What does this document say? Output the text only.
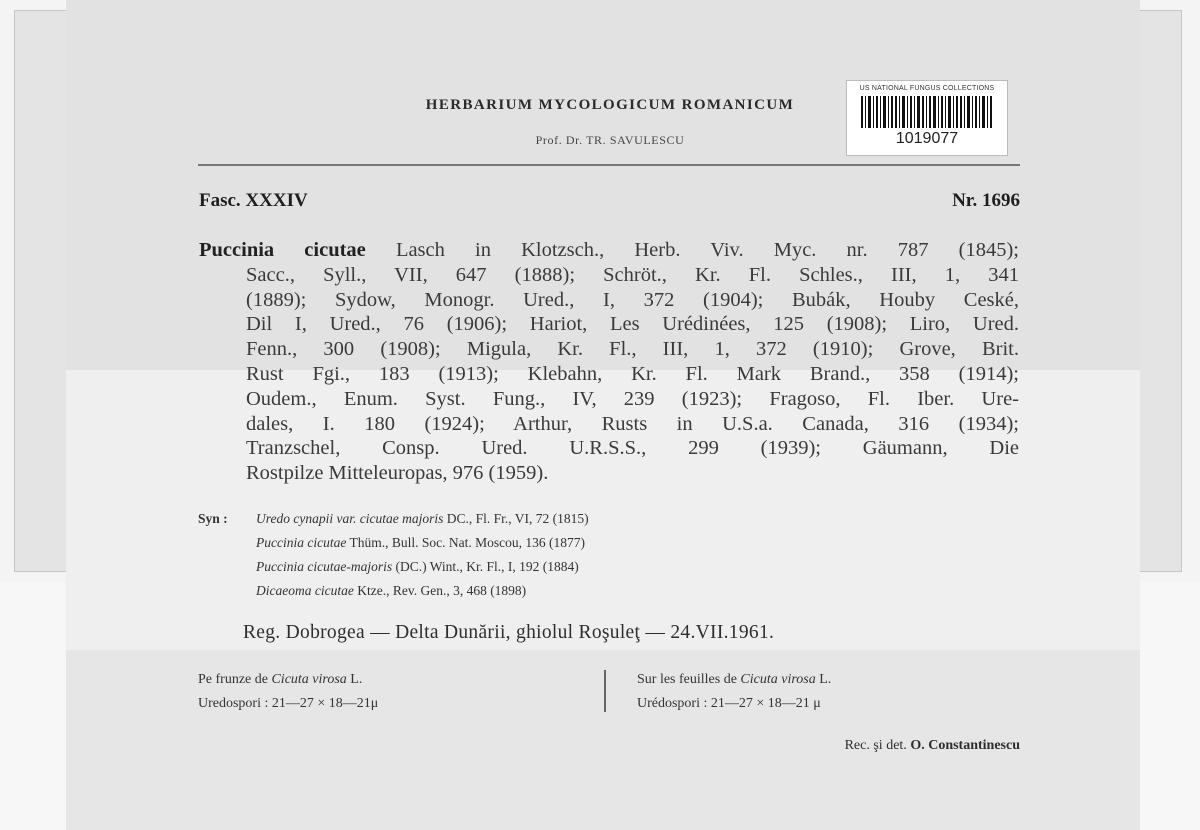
US NATIONAL FUNGUS COLLECTIONS
1019077
HERBARIUM MYCOLOGICUM ROMANICUM
Prof. Dr. TR. SAVULESCU
Fasc. XXXIV	Nr. 1696
Puccinia cicutae Lasch in Klotzsch., Herb. Viv. Myc. nr. 787 (1845);
Sacc., Syll., VII, 647 (1888); Schröt., Kr. Fl. Schles., III, 1, 341
(1889); Sydow, Monogr. Ured., I, 372 (1904); Bubák, Houby Ceské,
Dil I, Ured., 76 (1906); Hariot, Les Urédinées, 125 (1908); Liro, Ured.
Fenn., 300 (1908); Migula, Kr. Fl., III, 1, 372 (1910); Grove, Brit.
Rust Fgi., 183 (1913); Klebahn, Kr. Fl. Mark Brand., 358 (1914);
Oudem., Enum. Syst. Fung., IV, 239 (1923); Fragoso, Fl. Iber. Ure-
dales, I. 180 (1924); Arthur, Rusts in U.S.a. Canada, 316 (1934);
Tranzschel, Consp. Ured. U.R.S.S., 299 (1939); Gäumann, Die
Rostpilze Mitteleuropas, 976 (1959).
Syn : Uredo cynapii var. cicutae majoris DC., Fl. Fr., VI, 72 (1815)
Puccinia cicutae Thüm., Bull. Soc. Nat. Moscou, 136 (1877)
Puccinia cicutae-majoris (DC.) Wint., Kr. Fl., I, 192 (1884)
Dicaeoma cicutae Ktze., Rev. Gen., 3, 468 (1898)
Reg. Dobrogea — Delta Dunării, ghiolul Roşuleţ — 24.VII.1961.
Pe frunze de Cicuta virosa L.
Uredospori : 21—27 × 18—21μ
Sur les feuilles de Cicuta virosa L.
Urédospori : 21—27 × 18—21 μ
Rec. şi det. O. Constantinescu
